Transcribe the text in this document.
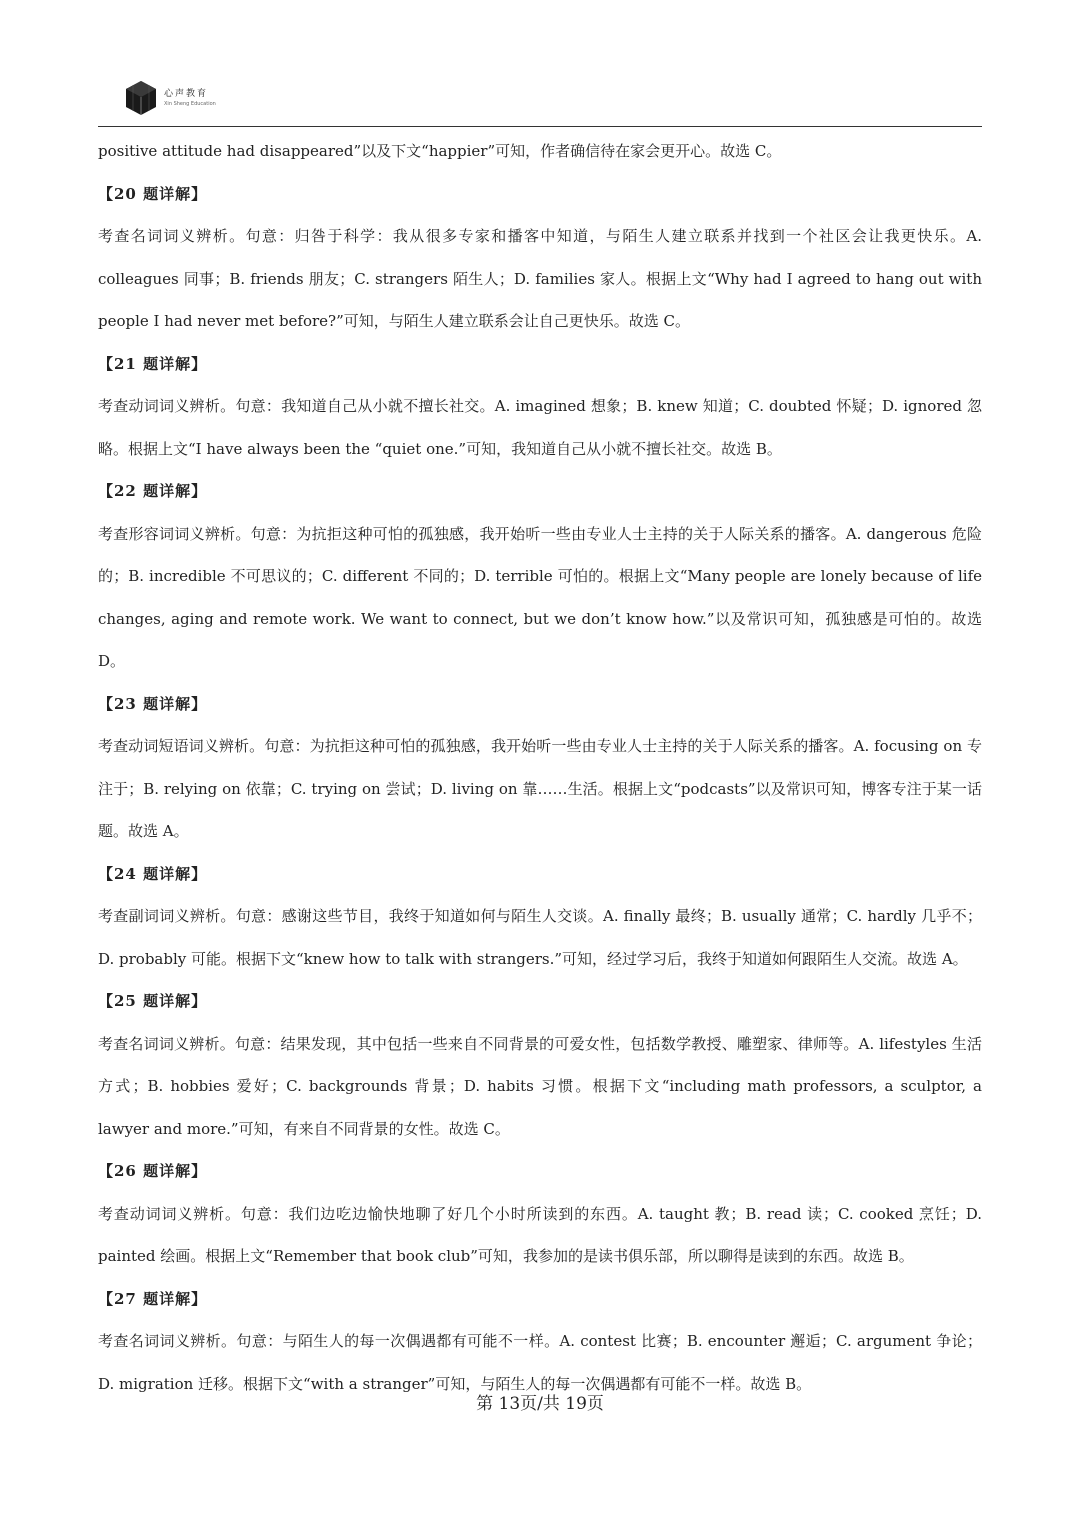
心声教育
Xin Sheng Education

positive attitude had disappeared”以及下文“happier”可知，作者确信待在家会更开心。故选 C。

【20 题详解】

考查名词词义辨析。句意：归咎于科学：我从很多专家和播客中知道，与陌生人建立联系并找到一个社区会让我更快乐。A. colleagues 同事；B. friends 朋友；C. strangers 陌生人；D. families 家人。根据上文“Why had I agreed to hang out with people I had never met before?”可知，与陌生人建立联系会让自己更快乐。故选 C。

【21 题详解】

考查动词词义辨析。句意：我知道自己从小就不擅长社交。A. imagined 想象；B. knew 知道；C. doubted 怀疑；D. ignored 忽略。根据上文“I have always been the “quiet one.”可知，我知道自己从小就不擅长社交。故选 B。

【22 题详解】

考查形容词词义辨析。句意：为抗拒这种可怕的孤独感，我开始听一些由专业人士主持的关于人际关系的播客。A. dangerous 危险的；B. incredible 不可思议的；C. different 不同的；D. terrible 可怕的。根据上文“Many people are lonely because of life changes, aging and remote work. We want to connect, but we don’t know how.”以及常识可知，孤独感是可怕的。故选 D。

【23 题详解】

考查动词短语词义辨析。句意：为抗拒这种可怕的孤独感，我开始听一些由专业人士主持的关于人际关系的播客。A. focusing on 专注于；B. relying on 依靠；C. trying on 尝试；D. living on 靠……生活。根据上文“podcasts”以及常识可知，博客专注于某一话题。故选 A。

【24 题详解】

考查副词词义辨析。句意：感谢这些节目，我终于知道如何与陌生人交谈。A. finally 最终；B. usually 通常；C. hardly 几乎不；D. probably 可能。根据下文“knew how to talk with strangers.”可知，经过学习后，我终于知道如何跟陌生人交流。故选 A。

【25 题详解】

考查名词词义辨析。句意：结果发现，其中包括一些来自不同背景的可爱女性，包括数学教授、雕塑家、律师等。A. lifestyles 生活方式；B. hobbies 爱好；C. backgrounds 背景；D. habits 习惯。根据下文“including math professors, a sculptor, a lawyer and more.”可知，有来自不同背景的女性。故选 C。

【26 题详解】

考查动词词义辨析。句意：我们边吃边愉快地聊了好几个小时所读到的东西。A. taught 教；B. read 读；C. cooked 烹饪；D. painted 绘画。根据上文“Remember that book club”可知，我参加的是读书俱乐部，所以聊得是读到的东西。故选 B。

【27 题详解】

考查名词词义辨析。句意：与陌生人的每一次偶遇都有可能不一样。A. contest 比赛；B. encounter 邂逅；C. argument 争论；D. migration 迁移。根据下文“with a stranger”可知，与陌生人的每一次偶遇都有可能不一样。故选 B。

第 13页/共 19页
